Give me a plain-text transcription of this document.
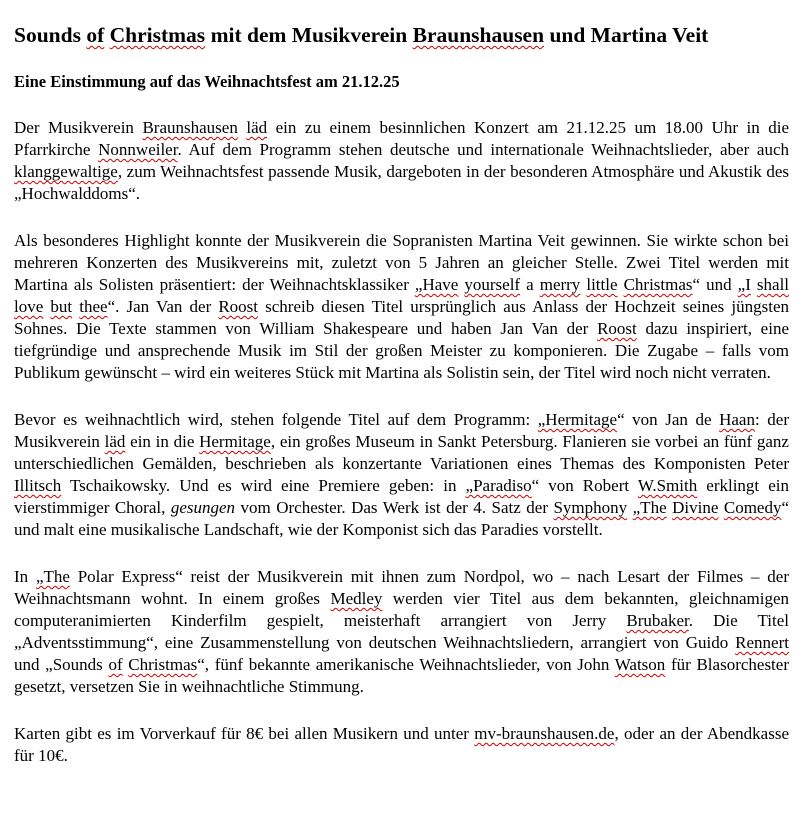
Sounds of Christmas mit dem Musikverein Braunshausen und Martina Veit
Eine Einstimmung auf das Weihnachtsfest am 21.12.25

Der Musikverein Braunshausen läd ein zu einem besinnlichen Konzert am 21.12.25 um 18.00 Uhr in die Pfarrkirche Nonnweiler. Auf dem Programm stehen deutsche und internationale Weihnachtslieder, aber auch klanggewaltige, zum Weihnachtsfest passende Musik, dargeboten in der besonderen Atmosphäre und Akustik des „Hochwalddoms“.

Als besonderes Highlight konnte der Musikverein die Sopranisten Martina Veit gewinnen. Sie wirkte schon bei mehreren Konzerten des Musikvereins mit, zuletzt von 5 Jahren an gleicher Stelle. Zwei Titel werden mit Martina als Solisten präsentiert: der Weihnachtsklassiker „Have yourself a merry little Christmas“ und „I shall love but thee“. Jan Van der Roost schreib diesen Titel ursprünglich aus Anlass der Hochzeit seines jüngsten Sohnes. Die Texte stammen von William Shakespeare und haben Jan Van der Roost dazu inspiriert, eine tiefgründige und ansprechende Musik im Stil der großen Meister zu komponieren. Die Zugabe – falls vom Publikum gewünscht – wird ein weiteres Stück mit Martina als Solistin sein, der Titel wird noch nicht verraten.

Bevor es weihnachtlich wird, stehen folgende Titel auf dem Programm: „Hermitage“ von Jan de Haan: der Musikverein läd ein in die Hermitage, ein großes Museum in Sankt Petersburg. Flanieren sie vorbei an fünf ganz unterschiedlichen Gemälden, beschrieben als konzertante Variationen eines Themas des Komponisten Peter Illitsch Tschaikowsky. Und es wird eine Premiere geben: in „Paradiso“ von Robert W.Smith erklingt ein vierstimmiger Choral, gesungen vom Orchester. Das Werk ist der 4. Satz der Symphony „The Divine Comedy“ und malt eine musikalische Landschaft, wie der Komponist sich das Paradies vorstellt.

In „The Polar Express“ reist der Musikverein mit ihnen zum Nordpol, wo – nach Lesart der Filmes – der Weihnachtsmann wohnt. In einem großes Medley werden vier Titel aus dem bekannten, gleichnamigen computeranimierten Kinderfilm gespielt, meisterhaft arrangiert von Jerry Brubaker. Die Titel „Adventsstimmung“, eine Zusammenstellung von deutschen Weihnachtsliedern, arrangiert von Guido Rennert und „Sounds of Christmas“, fünf bekannte amerikanische Weihnachtslieder, von John Watson für Blasorchester gesetzt, versetzen Sie in weihnachtliche Stimmung.

Karten gibt es im Vorverkauf für 8€ bei allen Musikern und unter mv-braunshausen.de, oder an der Abendkasse für 10€.
